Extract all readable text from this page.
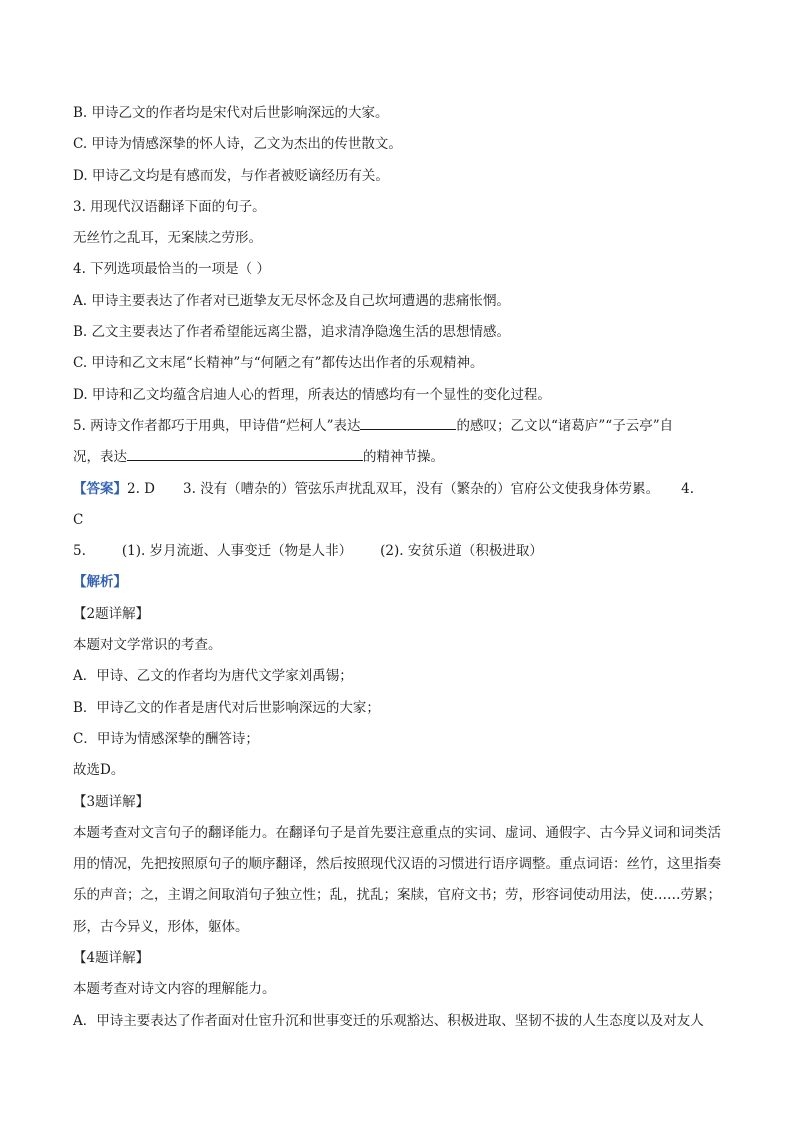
B. 甲诗乙文的作者均是宋代对后世影响深远的大家。
C. 甲诗为情感深挚的怀人诗，乙文为杰出的传世散文。
D. 甲诗乙文均是有感而发，与作者被贬谪经历有关。
3. 用现代汉语翻译下面的句子。
无丝竹之乱耳，无案牍之劳形。
4. 下列选项最恰当的一项是（ ）
A. 甲诗主要表达了作者对已逝挚友无尽怀念及自己坎坷遭遇的悲痛怅惘。
B. 乙文主要表达了作者希望能远离尘嚣，追求清净隐逸生活的思想情感。
C. 甲诗和乙文末尾“长精神”与“何陋之有”都传达出作者的乐观精神。
D. 甲诗和乙文均蕴含启迪人心的哲理，所表达的情感均有一个显性的变化过程。
5. 两诗文作者都巧于用典，甲诗借“烂柯人”表达	的感叹；乙文以“诸葛庐”“子云亭”自
况，表达	的精神节操。
【答案】2. D 3. 没有（嘈杂的）管弦乐声扰乱双耳，没有（繁杂的）官府公文使我身体劳累。 4.
C
5.	(1). 岁月流逝、人事变迁（物是人非） (2). 安贫乐道（积极进取）
【解析】
【2题详解】
本题对文学常识的考查。
A．甲诗、乙文的作者均为唐代文学家刘禹锡；
B．甲诗乙文的作者是唐代对后世影响深远的大家；
C．甲诗为情感深挚的酬答诗；
故选D。
【3题详解】
本题考查对文言句子的翻译能力。在翻译句子是首先要注意重点的实词、虚词、通假字、古今异义词和词类活用的情况，先把按照原句子的顺序翻译，然后按照现代汉语的习惯进行语序调整。重点词语：丝竹，这里指奏乐的声音；之，主谓之间取消句子独立性；乱，扰乱；案牍，官府文书；劳，形容词使动用法，使……劳累；形，古今异义，形体，躯体。
【4题详解】
本题考查对诗文内容的理解能力。
A．甲诗主要表达了作者面对仕宦升沉和世事变迁的乐观豁达、积极进取、坚韧不拔的人生态度以及对友人
